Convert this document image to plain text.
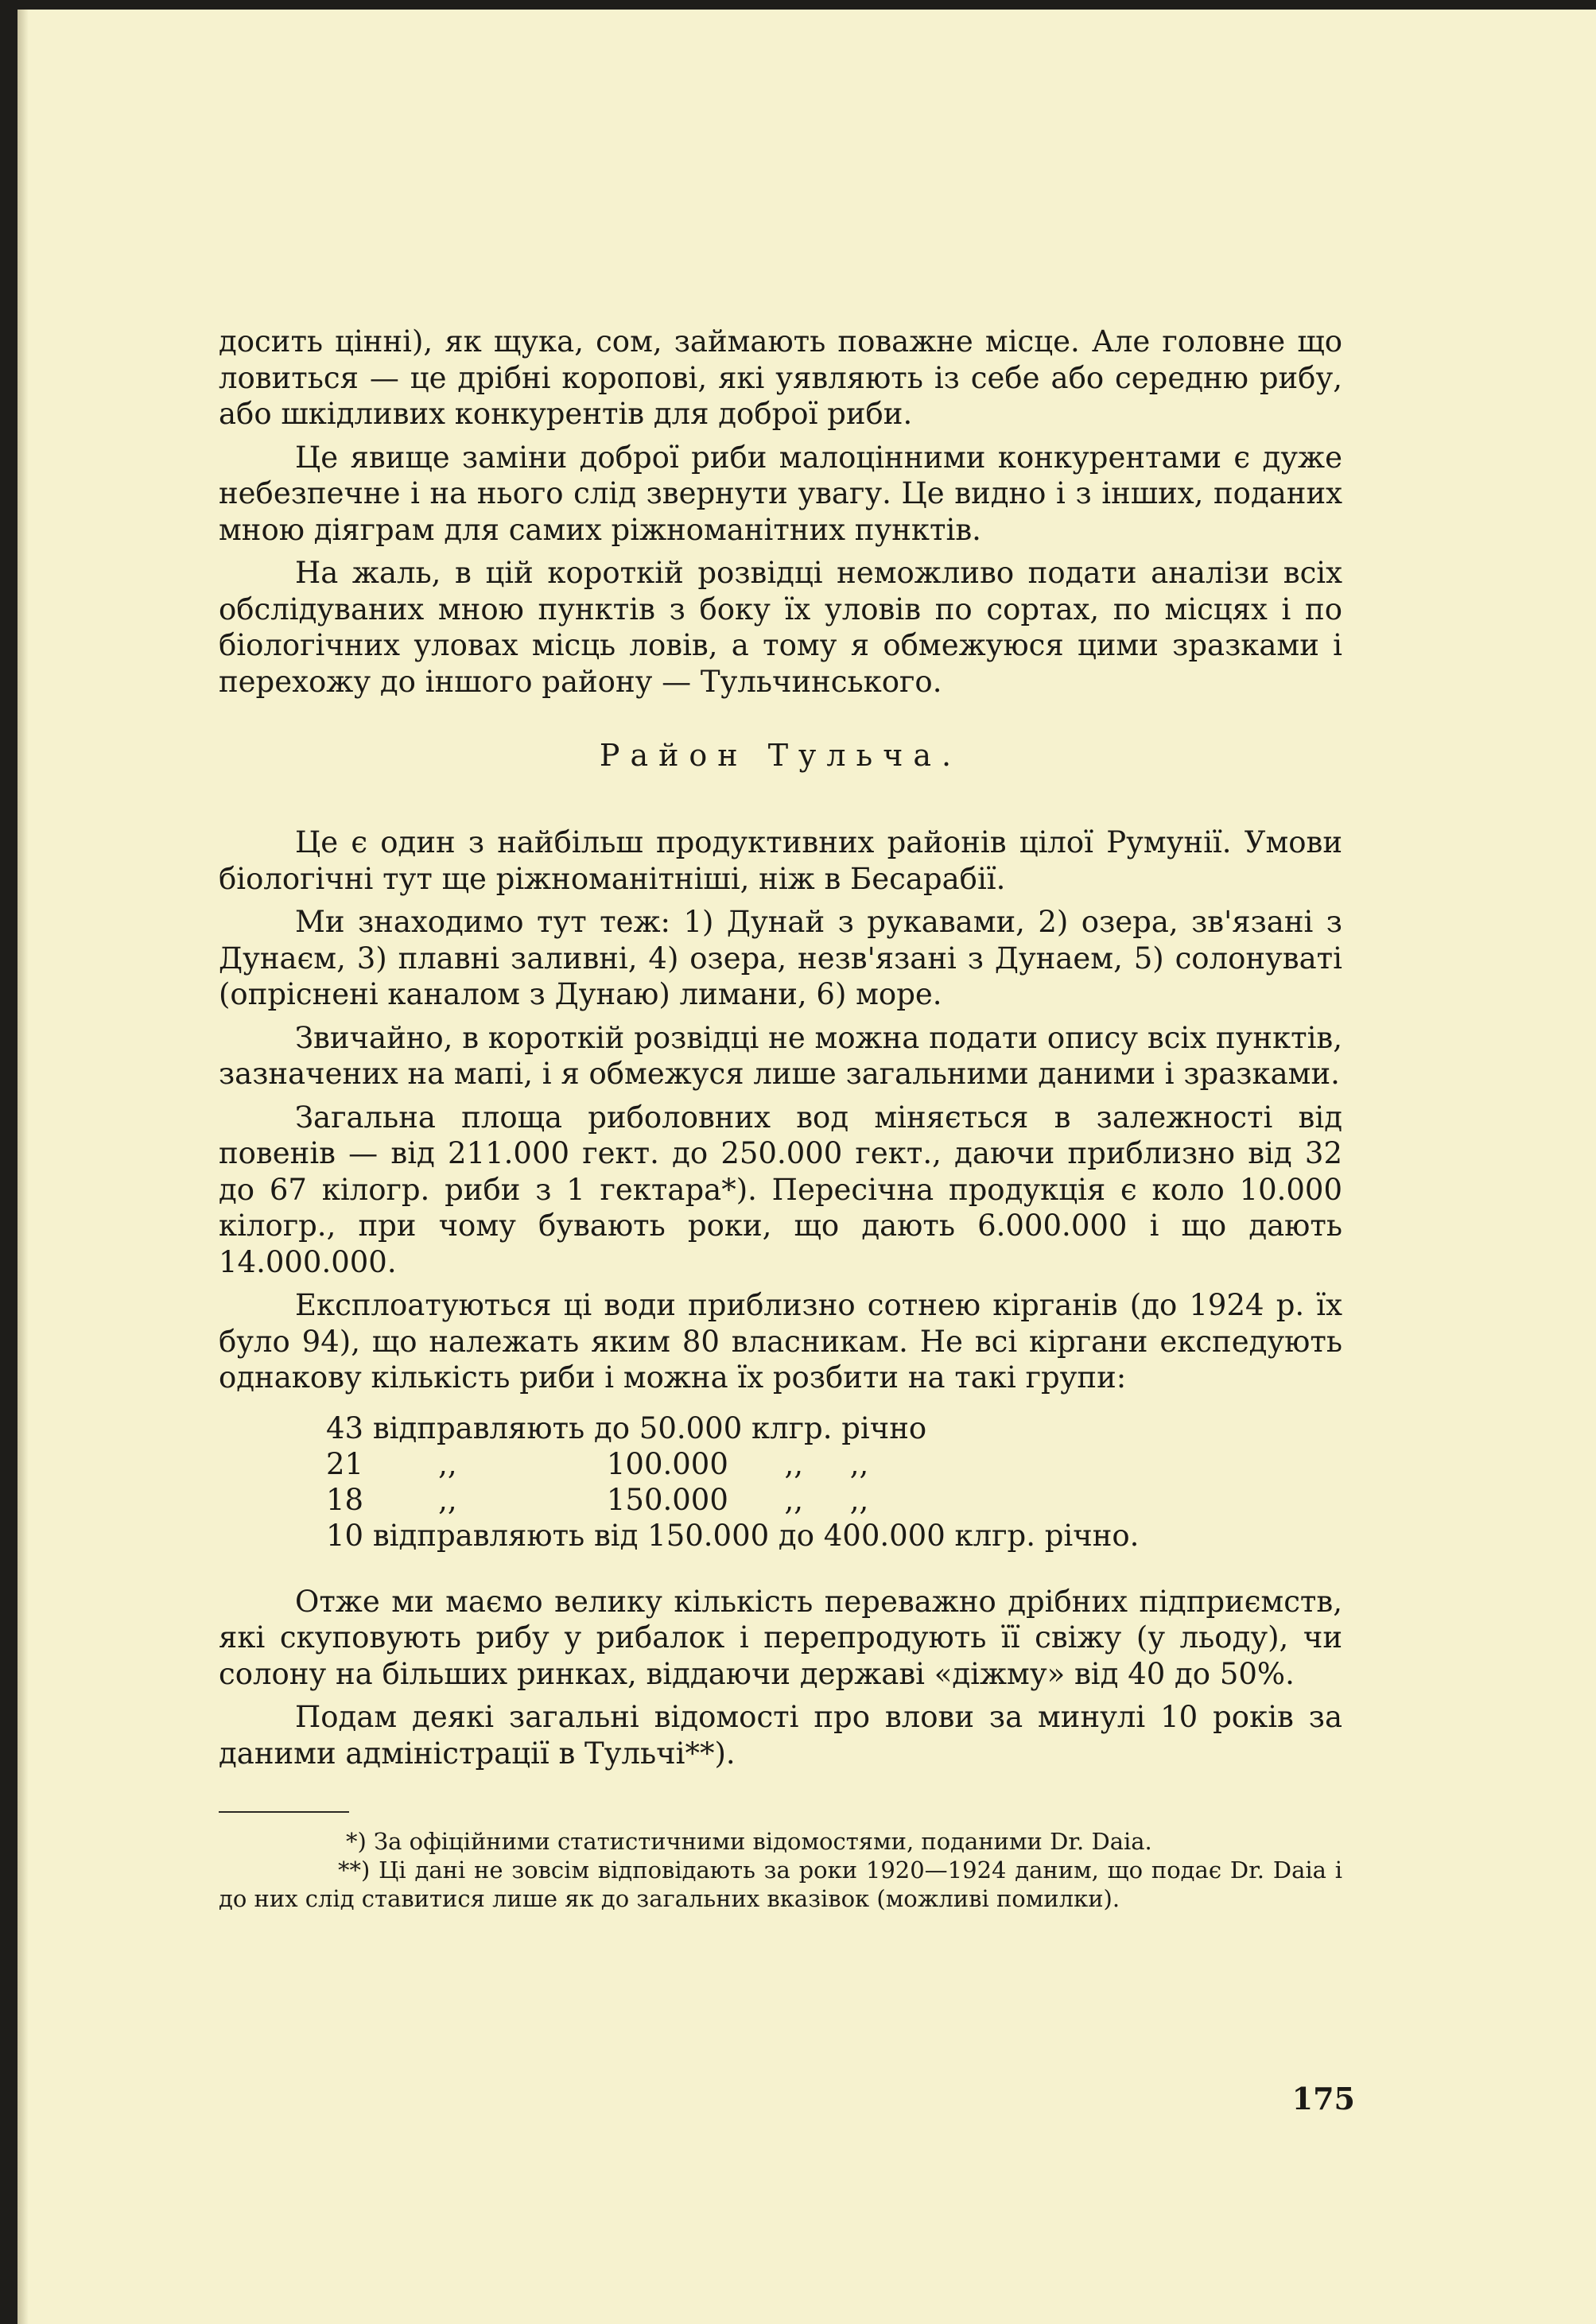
досить цінні), як щука, сом, займають поважне місце. Але головне що ловиться — це дрібні коропові, які уявляють із себе або середню рибу, або шкідливих конкурентів для доброї риби.

Це явище заміни доброї риби малоцінними конкурентами є дуже небезпечне і на нього слід звернути увагу. Це видно і з інших, поданих мною діяграм для самих ріжноманітних пунктів.

На жаль, в цій короткій розвідці неможливо подати аналізи всіх обслідуваних мною пунктів з боку їх уловів по сортах, по місцях і по біологічних уловах місць ловів, а тому я обмежуюся цими зразками і перехожу до іншого району — Тульчинського.

Район Тульча.

Це є один з найбільш продуктивних районів цілої Румунії. Умови біологічні тут ще ріжноманітніші, ніж в Бесарабії.

Ми знаходимо тут теж: 1) Дунай з рукавами, 2) озера, зв'язані з Дунаєм, 3) плавні заливні, 4) озера, незв'язані з Дунаем, 5) солонуваті (опріснені каналом з Дунаю) лимани, 6) море.

Звичайно, в короткій розвідці не можна подати опису всіх пунктів, зазначених на мапі, і я обмежуся лише загальними даними і зразками.

Загальна площа риболовних вод міняється в залежності від повенів — від 211.000 гект. до 250.000 гект., даючи приблизно від 32 до 67 кілогр. риби з 1 гектара*). Пересічна продукція є коло 10.000 кілогр., при чому бувають роки, що дають 6.000.000 і що дають 14.000.000.

Експлоатуються ці води приблизно сотнею кірганів (до 1924 р. їх було 94), що належать яким 80 власникам. Не всі кіргани експедують однакову кількість риби і можна їх розбити на такі групи:

43 відправляють до 50.000 клгр. річно
21        ,,                100.000      ,,     ,,
18        ,,                150.000      ,,     ,,
10 відправляють від 150.000 до 400.000 клгр. річно.

Отже ми маємо велику кількість переважно дрібних підприємств, які скуповують рибу у рибалок і перепродують її свіжу (у льоду), чи солону на більших ринках, віддаючи державі «діжму» від 40 до 50%.

Подам деякі загальні відомості про влови за минулі 10 років за даними адміністрації в Тульчі**).

*) За офіційними статистичними відомостями, поданими Dr. Daia.

**) Ці дані не зовсім відповідають за роки 1920—1924 даним, що подає Dr. Daia і до них слід ставитися лише як до загальних вказівок (можливі помилки).

175
